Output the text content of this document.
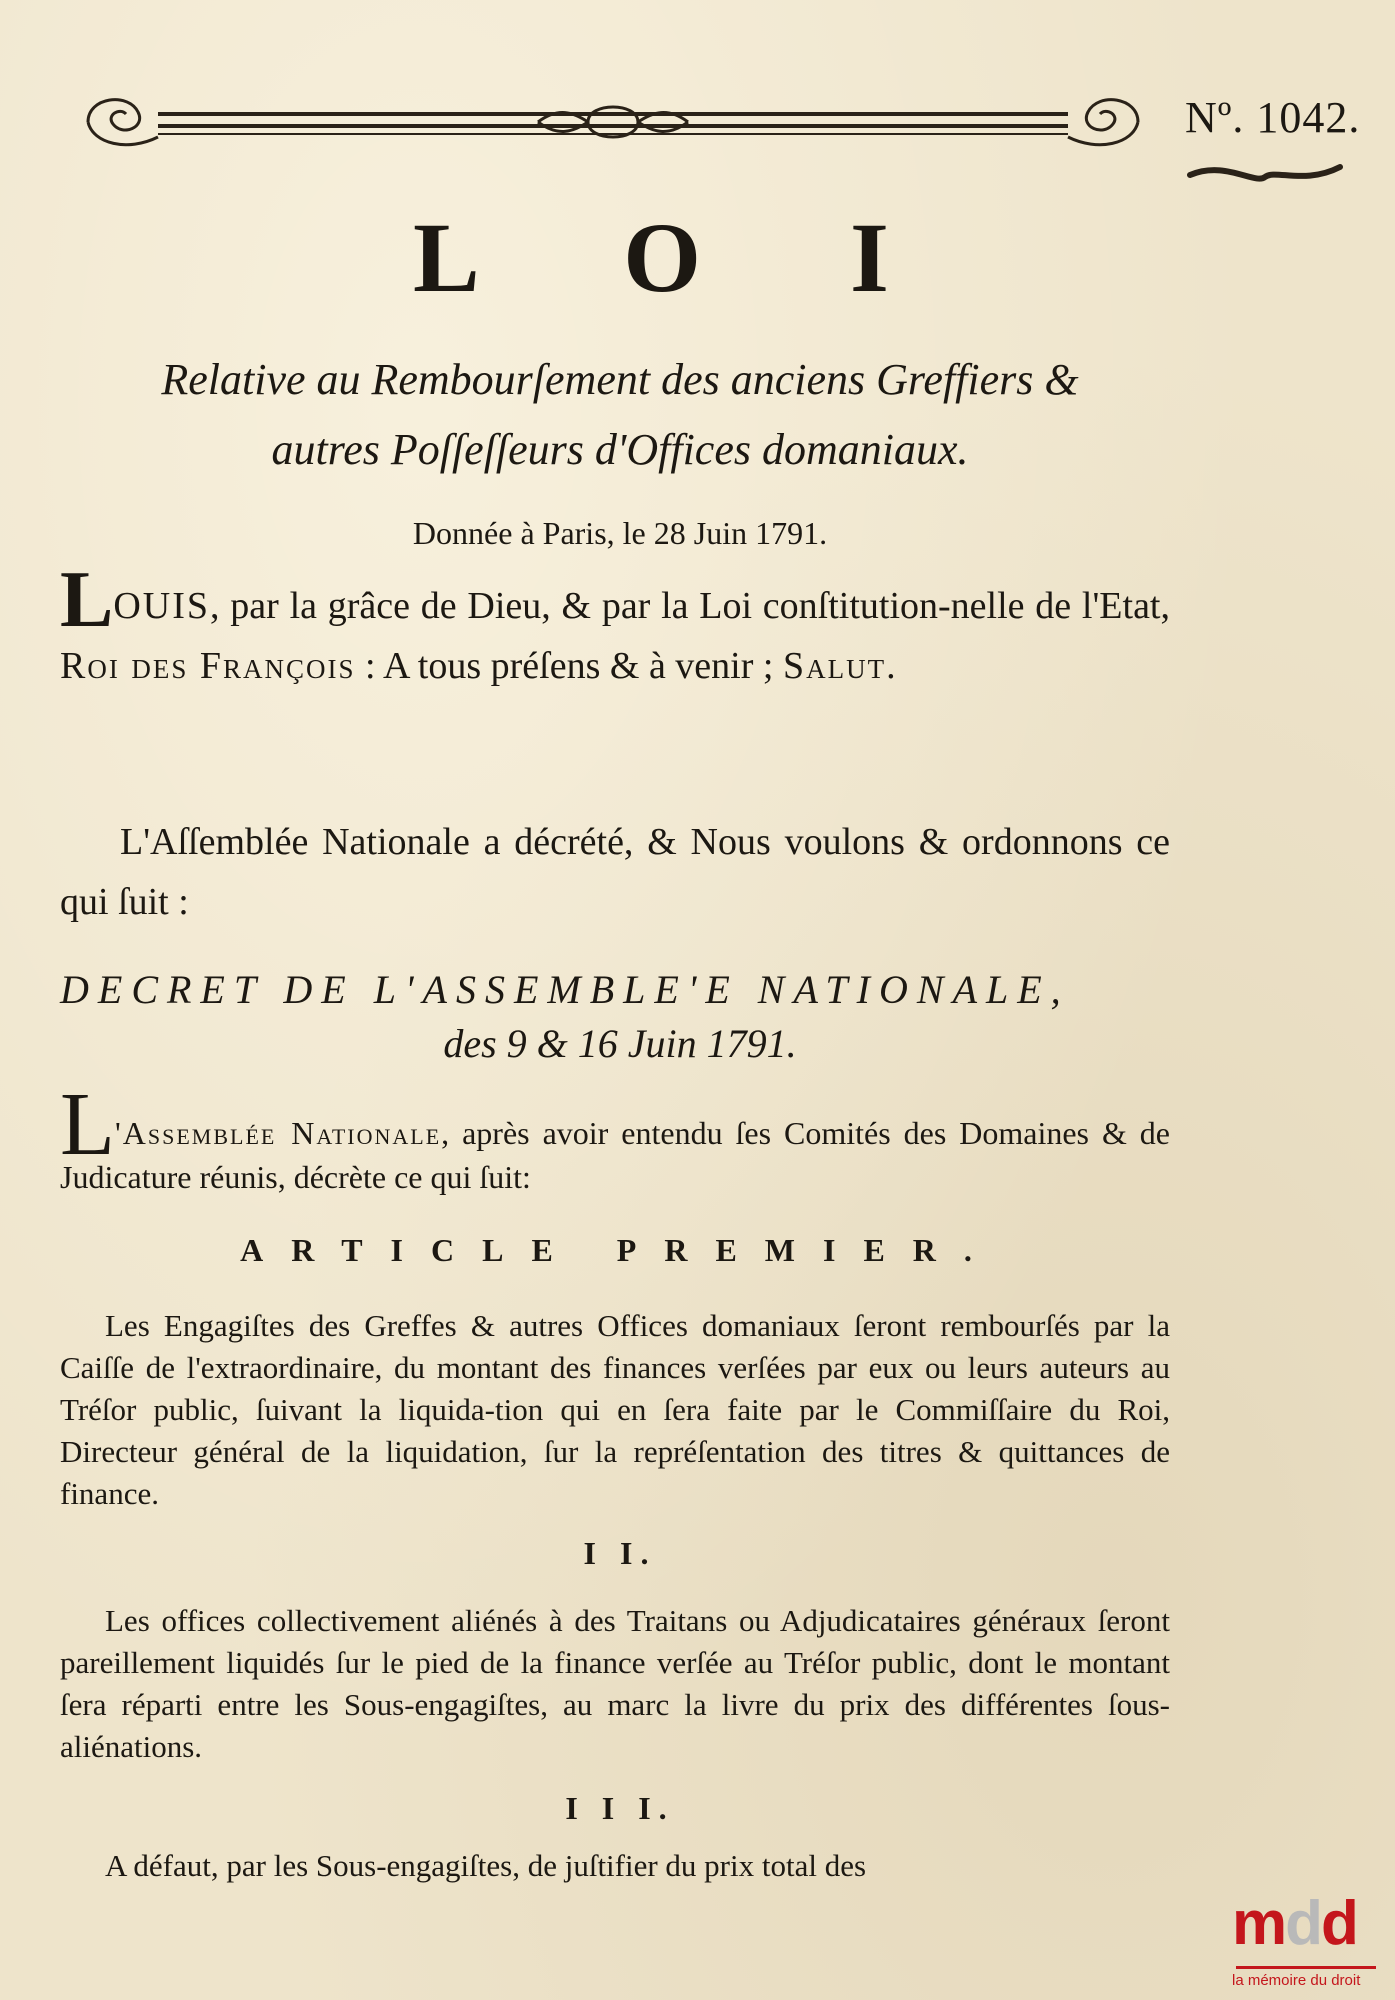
Nº. 1042.
L O I
Relative au Rembourſement des anciens Greffiers &
autres Poſſeſſeurs d'Offices domaniaux.
Donnée à Paris, le 28 Juin 1791.
LOUIS, par la grâce de Dieu, & par la Loi conſtitution-nelle de l'Etat, Roi des François : A tous préſens & à venir ; Salut.
L'Aſſemblée Nationale a décrété, & Nous voulons & ordonnons ce qui ſuit :
DECRET DE L'ASSEMBLE'E NATIONALE,
des 9 & 16 Juin 1791.
L'Assemblée Nationale, après avoir entendu ſes Comités des Domaines & de Judicature réunis, décrète ce qui ſuit:
ARTICLE PREMIER.
Les Engagiſtes des Greffes & autres Offices domaniaux ſeront rembourſés par la Caiſſe de l'extraordinaire, du montant des finances verſées par eux ou leurs auteurs au Tréſor public, ſuivant la liquida-tion qui en ſera faite par le Commiſſaire du Roi, Directeur général de la liquidation, ſur la repréſentation des titres & quittances de finance.
I I.
Les offices collectivement aliénés à des Traitans ou Adjudicataires généraux ſeront pareillement liquidés ſur le pied de la finance verſée au Tréſor public, dont le montant ſera réparti entre les Sous-engagiſtes, au marc la livre du prix des différentes ſous-aliénations.
I I I.
A défaut, par les Sous-engagiſtes, de juſtifier du prix total des
mdd
la mémoire du droit
